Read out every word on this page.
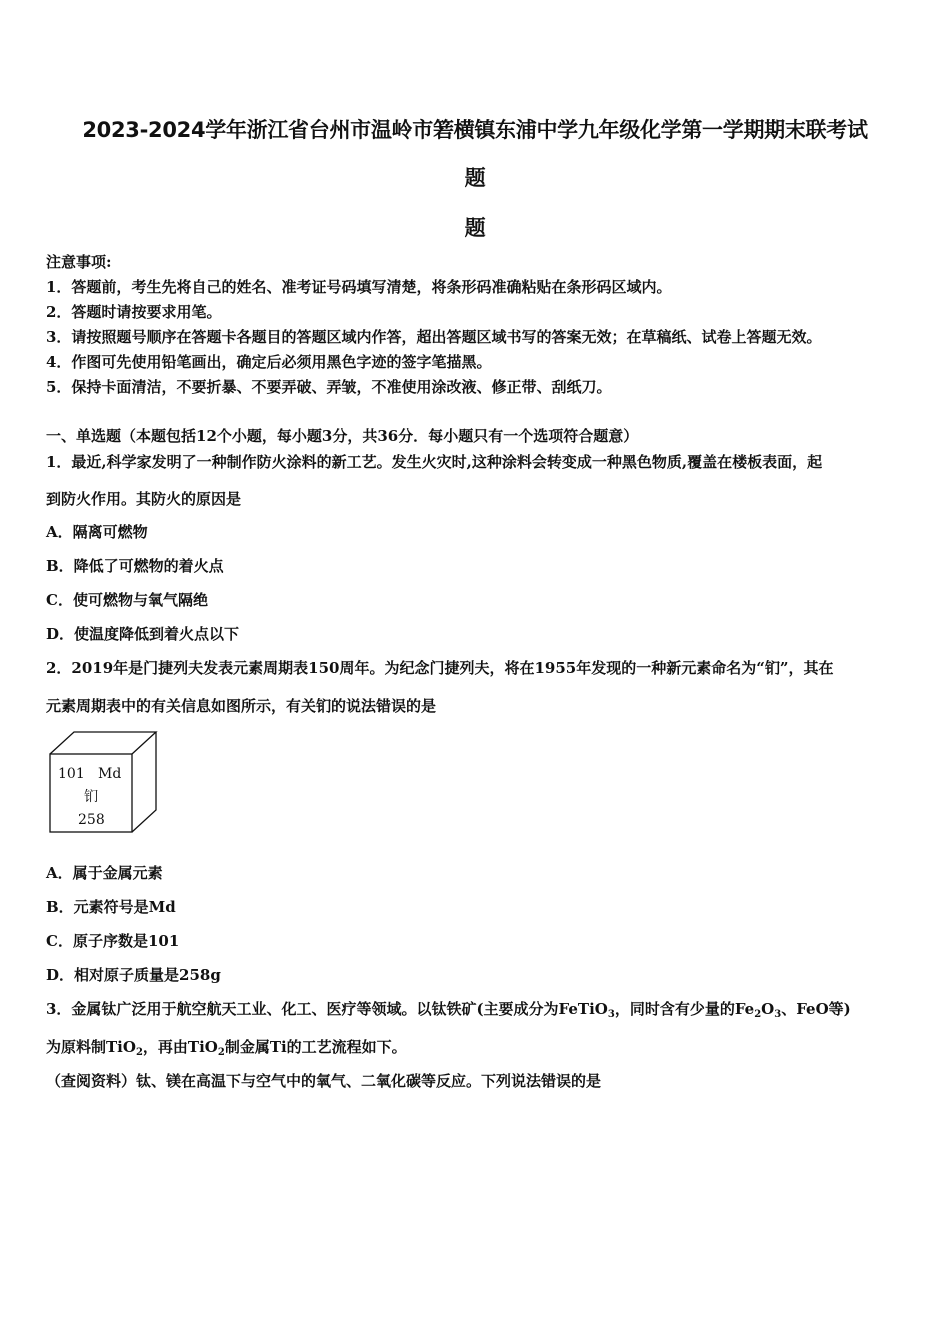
2023-2024学年浙江省台州市温岭市箬横镇东浦中学九年级化学第一学期期末联考试
题
题
注意事项:
1．答题前，考生先将自己的姓名、准考证号码填写清楚，将条形码准确粘贴在条形码区域内。
2．答题时请按要求用笔。
3．请按照题号顺序在答题卡各题目的答题区域内作答，超出答题区域书写的答案无效；在草稿纸、试卷上答题无效。
4．作图可先使用铅笔画出，确定后必须用黑色字迹的签字笔描黑。
5．保持卡面清洁，不要折暴、不要弄破、弄皱，不准使用涂改液、修正带、刮纸刀。
一、单选题（本题包括12个小题，每小题3分，共36分．每小题只有一个选项符合题意）
1．最近,科学家发明了一种制作防火涂料的新工艺。发生火灾时,这种涂料会转变成一种黑色物质,覆盖在楼板表面，起
到防火作用。其防火的原因是
A．隔离可燃物
B．降低了可燃物的着火点
C．使可燃物与氧气隔绝
D．使温度降低到着火点以下
2．2019年是门捷列夫发表元素周期表150周年。为纪念门捷列夫，将在1955年发现的一种新元素命名为“钔”，其在
元素周期表中的有关信息如图所示，有关钔的说法错误的是
101 Md
钔
258
A．属于金属元素
B．元素符号是Md
C．原子序数是101
D．相对原子质量是258g
3．金属钛广泛用于航空航天工业、化工、医疗等领域。以钛铁矿(主要成分为FeTiO$_3$，同时含有少量的$Fe_2O_3$、FeO等)
为原料制TiO$_2$，再由TiO$_2$制金属Ti的工艺流程如下。
（查阅资料）钛、镁在高温下与空气中的氧气、二氧化碳等反应。下列说法错误的是
